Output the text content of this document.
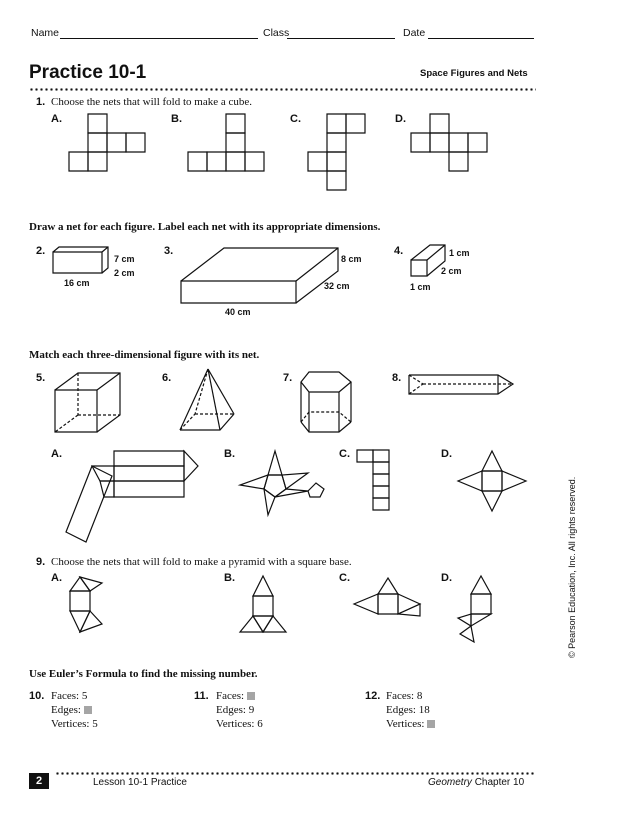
Name	Class	Date
Practice 10-1	Space Figures and Nets
1. Choose the nets that will fold to make a cube.
A.	B.	C.	D.
Draw a net for each figure. Label each net with its appropriate dimensions.
2.
7 cm
2 cm
16 cm
3.
8 cm
32 cm
40 cm
4.	1 cm
2 cm
1 cm
Match each three-dimensional figure with its net.
5.	6.	7.	8.
A.	B.	C.	D.
9. Choose the nets that will fold to make a pyramid with a square base.
A.	B.	C.	D.
Use Euler’s Formula to find the missing number.
10. Faces: 5
Edges:
Vertices: 5
11. Faces:
Edges: 9
Vertices: 6
12. Faces: 8
Edges: 18
Vertices:
© Pearson Education, Inc. All rights reserved.
2	Lesson 10-1 Practice	Geometry Chapter 10
